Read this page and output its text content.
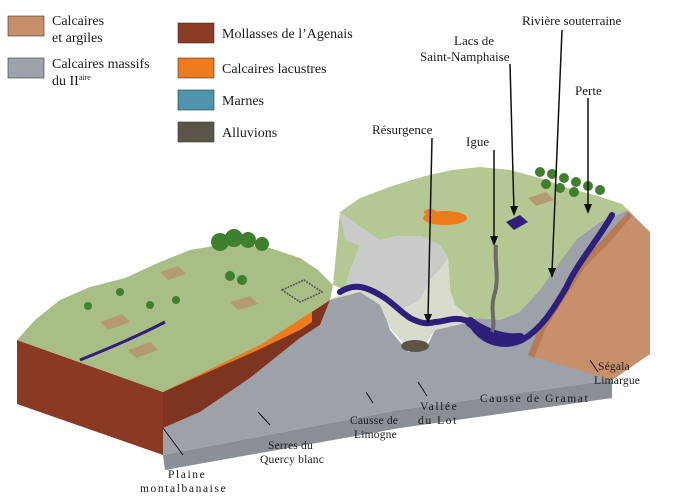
Calcaires
et argiles
Calcaires massifs
du $II^{aire}$
Mollasses de l’Agenais
Calcaires lacustres
Marnes
Alluvions
Rivière souterraine
Lacs de
Saint-Namphaise
Perte
Résurgence
Igue
Ségala
Limargue
Causse de Gramat
Vallée
du Lot
Causse de
Limogne
Serres du
Quercy blanc
Plaine
montalbanaise
